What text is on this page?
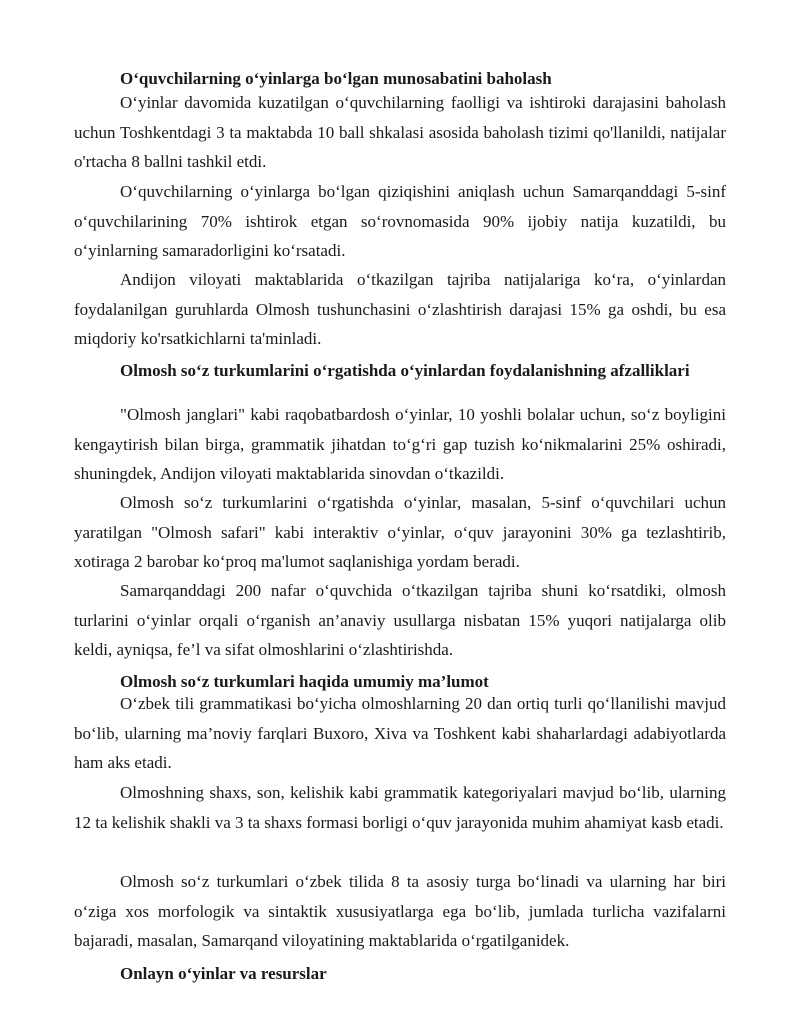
O‘quvchilarning o‘yinlarga bo‘lgan munosabatini baholash

O‘yinlar davomida kuzatilgan o‘quvchilarning faolligi va ishtiroki darajasini baholash uchun Toshkentdagi 3 ta maktabda 10 ball shkalasi asosida baholash tizimi qo'llanildi, natijalar o'rtacha 8 ballni tashkil etdi.

O‘quvchilarning o‘yinlarga bo‘lgan qiziqishini aniqlash uchun Samarqanddagi 5-sinf o‘quvchilarining 70% ishtirok etgan so‘rovnomasida 90% ijobiy natija kuzatildi, bu o‘yinlarning samaradorligini ko‘rsatadi.

Andijon viloyati maktablarida o‘tkazilgan tajriba natijalariga ko‘ra, o‘yinlardan foydalanilgan guruhlarda Olmosh tushunchasini o‘zlashtirish darajasi 15% ga oshdi, bu esa miqdoriy ko'rsatkichlarni ta'minladi.

Olmosh so‘z turkumlarini o‘rgatishda o‘yinlardan foydalanishning afzalliklari

"Olmosh janglari" kabi raqobatbardosh o‘yinlar, 10 yoshli bolalar uchun, so‘z boyligini kengaytirish bilan birga, grammatik jihatdan to‘g‘ri gap tuzish ko‘nikmalarini 25% oshiradi, shuningdek, Andijon viloyati maktablarida sinovdan o‘tkazildi.

Olmosh so‘z turkumlarini o‘rgatishda o‘yinlar, masalan, 5-sinf o‘quvchilari uchun yaratilgan "Olmosh safari" kabi interaktiv o‘yinlar, o‘quv jarayonini 30% ga tezlashtirib, xotiraga 2 barobar ko‘proq ma'lumot saqlanishiga yordam beradi.

Samarqanddagi 200 nafar o‘quvchida o‘tkazilgan tajriba shuni ko‘rsatdiki, olmosh turlarini o‘yinlar orqali o‘rganish an’anaviy usullarga nisbatan 15% yuqori natijalarga olib keldi, ayniqsa, fe’l va sifat olmoshlarini o‘zlashtirishda.

Olmosh so‘z turkumlari haqida umumiy ma’lumot

O‘zbek tili grammatikasi bo‘yicha olmoshlarning 20 dan ortiq turli qo‘llanilishi mavjud bo‘lib, ularning ma’noviy farqlari Buxoro, Xiva va Toshkent kabi shaharlardagi adabiyotlarda ham aks etadi.

Olmoshning shaxs, son, kelishik kabi grammatik kategoriyalari mavjud bo‘lib, ularning 12 ta kelishik shakli va 3 ta shaxs formasi borligi o‘quv jarayonida muhim ahamiyat kasb etadi.

Olmosh so‘z turkumlari o‘zbek tilida 8 ta asosiy turga bo‘linadi va ularning har biri o‘ziga xos morfologik va sintaktik xususiyatlarga ega bo‘lib, jumlada turlicha vazifalarni bajaradi, masalan, Samarqand viloyatining maktablarida o‘rgatilganidek.

Onlayn o‘yinlar va resurslar
